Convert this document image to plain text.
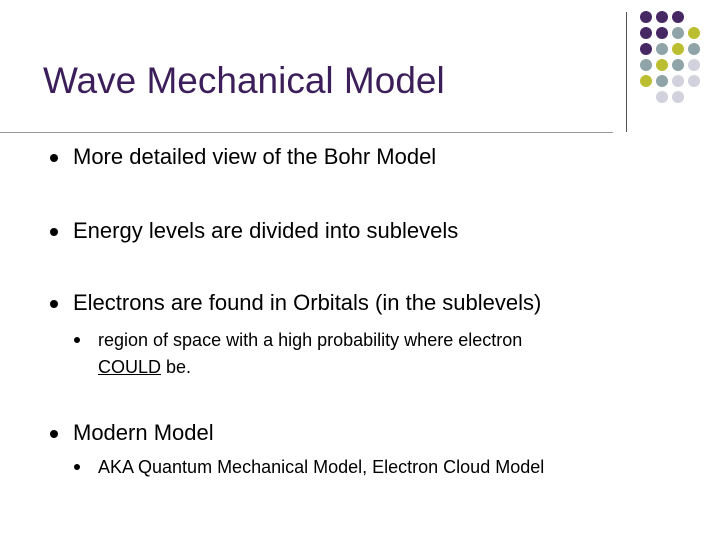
Wave Mechanical Model
More detailed view of the Bohr Model
Energy levels are divided into sublevels
Electrons are found in Orbitals (in the sublevels)
region of space with a high probability where electron
COULD be.
Modern Model
AKA Quantum Mechanical Model, Electron Cloud Model
